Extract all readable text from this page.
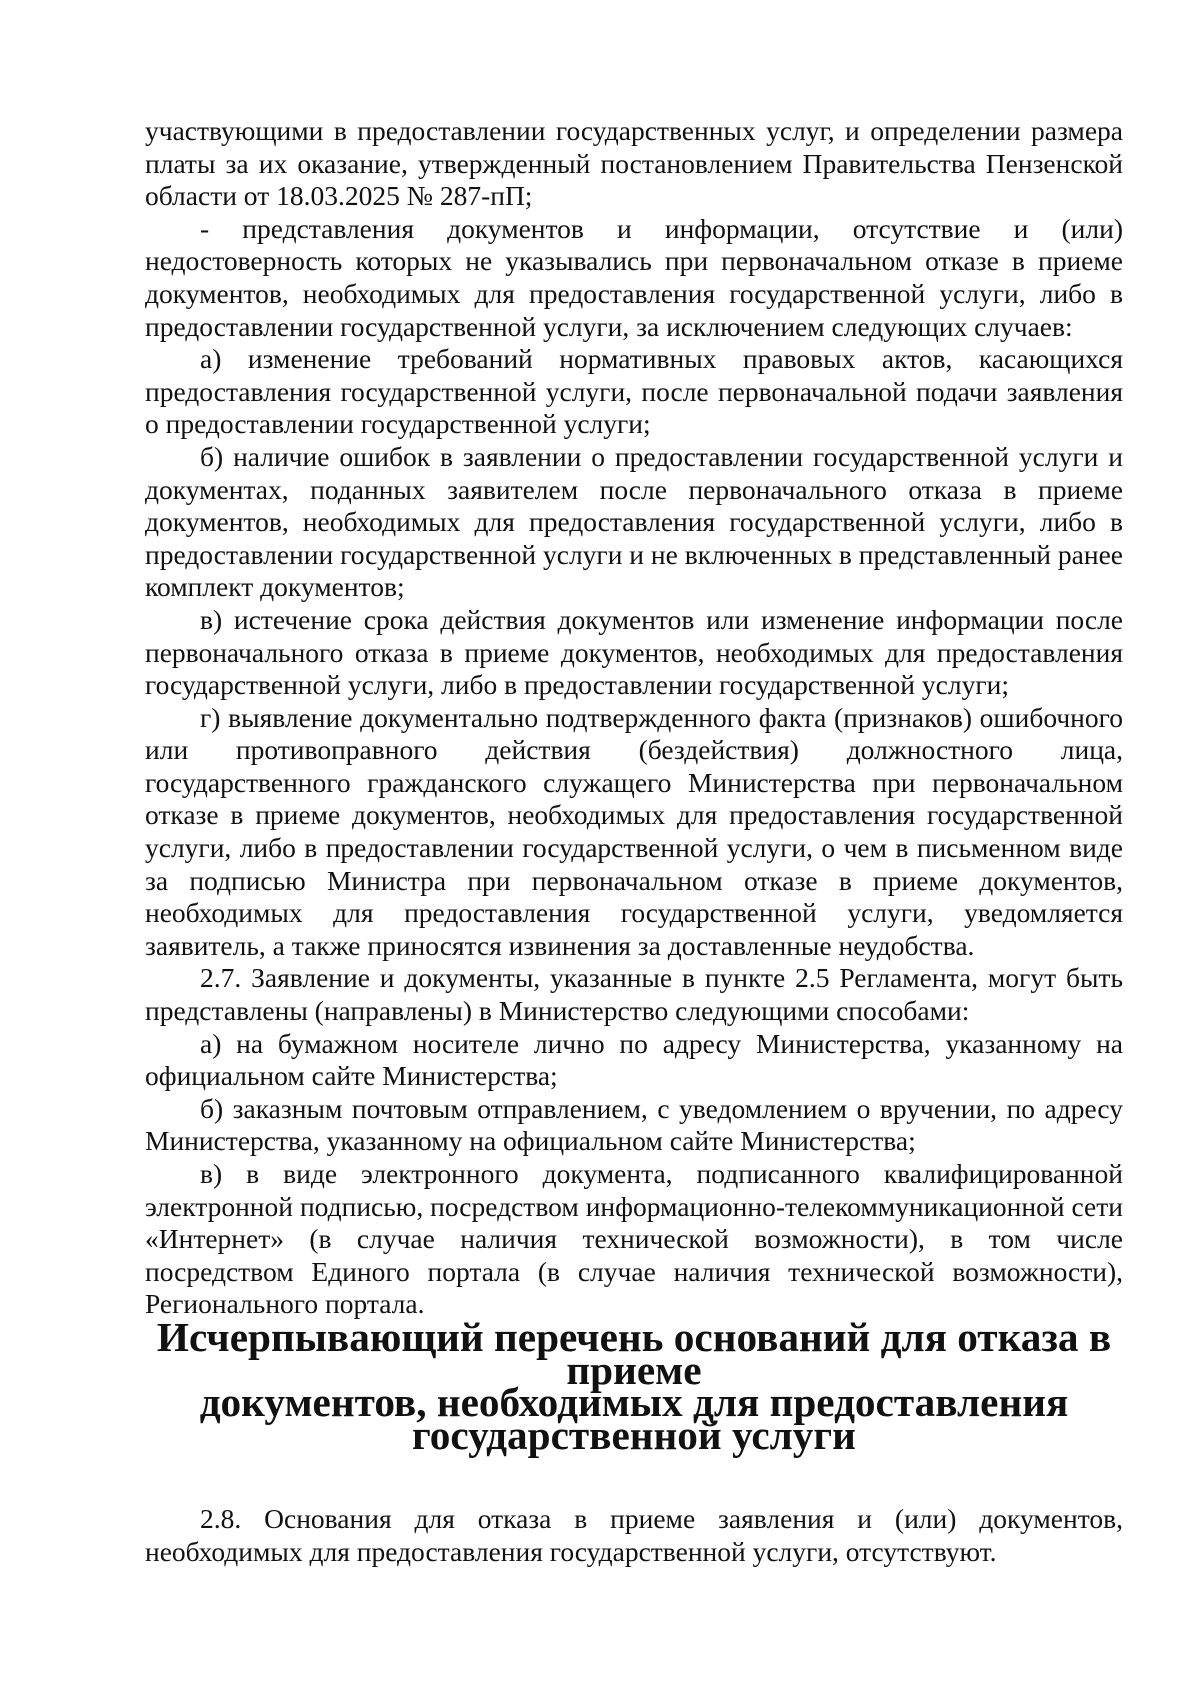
участвующими в предоставлении государственных услуг, и определении размера платы за их оказание, утвержденный постановлением Правительства Пензенской области от 18.03.2025 № 287-пП;

- представления документов и информации, отсутствие и (или) недостоверность которых не указывались при первоначальном отказе в приеме документов, необходимых для предоставления государственной услуги, либо в предоставлении государственной услуги, за исключением следующих случаев:

а) изменение требований нормативных правовых актов, касающихся предоставления государственной услуги, после первоначальной подачи заявления о предоставлении государственной услуги;

б) наличие ошибок в заявлении о предоставлении государственной услуги и документах, поданных заявителем после первоначального отказа в приеме документов, необходимых для предоставления государственной услуги, либо в предоставлении государственной услуги и не включенных в представленный ранее комплект документов;

в) истечение срока действия документов или изменение информации после первоначального отказа в приеме документов, необходимых для предоставления государственной услуги, либо в предоставлении государственной услуги;

г) выявление документально подтвержденного факта (признаков) ошибочного или противоправного действия (бездействия) должностного лица, государственного гражданского служащего Министерства при первоначальном отказе в приеме документов, необходимых для предоставления государственной услуги, либо в предоставлении государственной услуги, о чем в письменном виде за подписью Министра при первоначальном отказе в приеме документов, необходимых для предоставления государственной услуги, уведомляется заявитель, а также приносятся извинения за доставленные неудобства.

2.7. Заявление и документы, указанные в пункте 2.5 Регламента, могут быть представлены (направлены) в Министерство следующими способами:

а) на бумажном носителе лично по адресу Министерства, указанному на официальном сайте Министерства;

б) заказным почтовым отправлением, с уведомлением о вручении, по адресу Министерства, указанному на официальном сайте Министерства;

в) в виде электронного документа, подписанного квалифицированной электронной подписью, посредством информационно-телекоммуникационной сети «Интернет» (в случае наличия технической возможности), в том числе посредством Единого портала (в случае наличия технической возможности), Регионального портала.

Исчерпывающий перечень оснований для отказа в приеме
документов, необходимых для предоставления
государственной услуги

2.8. Основания для отказа в приеме заявления и (или) документов, необходимых для предоставления государственной услуги, отсутствуют.
